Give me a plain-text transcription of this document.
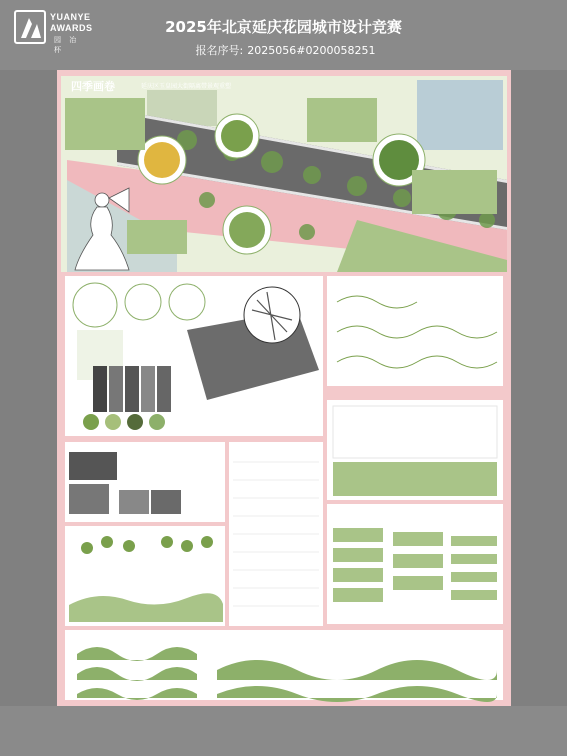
YUANYE
AWARDS
园 冶 杯
2025年北京延庆花园城市设计竞赛
报名序号: 2025056#0200058251
四季画卷	延庆区玉皇园大街隔离带景观重塑
